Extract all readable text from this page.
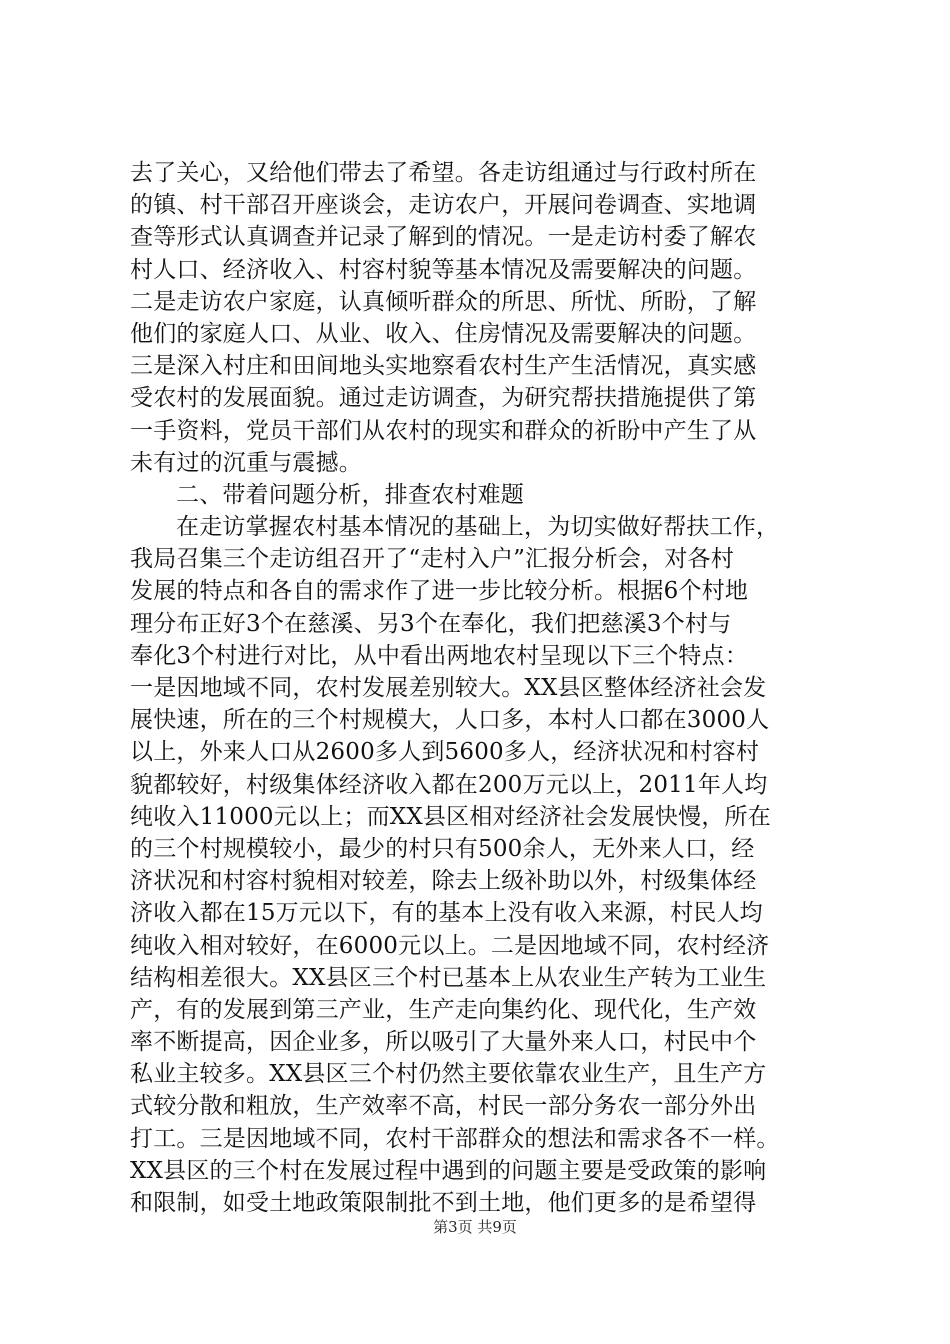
去了关心，又给他们带去了希望。各走访组通过与行政村所在
的镇、村干部召开座谈会，走访农户，开展问卷调查、实地调
查等形式认真调查并记录了解到的情况。一是走访村委了解农
村人口、经济收入、村容村貌等基本情况及需要解决的问题。
二是走访农户家庭，认真倾听群众的所思、所忧、所盼，了解
他们的家庭人口、从业、收入、住房情况及需要解决的问题。
三是深入村庄和田间地头实地察看农村生产生活情况，真实感
受农村的发展面貌。通过走访调查，为研究帮扶措施提供了第
一手资料，党员干部们从农村的现实和群众的祈盼中产生了从
未有过的沉重与震撼。
二、带着问题分析，排查农村难题
在走访掌握农村基本情况的基础上，为切实做好帮扶工作，
我局召集三个走访组召开了“走村入户”汇报分析会，对各村
发展的特点和各自的需求作了进一步比较分析。根据6个村地
理分布正好3个在慈溪、另3个在奉化，我们把慈溪3个村与
奉化3个村进行对比，从中看出两地农村呈现以下三个特点：
一是因地域不同，农村发展差别较大。XX县区整体经济社会发
展快速，所在的三个村规模大，人口多，本村人口都在3000人
以上，外来人口从2600多人到5600多人，经济状况和村容村
貌都较好，村级集体经济收入都在200万元以上，2011年人均
纯收入11000元以上；而XX县区相对经济社会发展快慢，所在
的三个村规模较小，最少的村只有500余人，无外来人口，经
济状况和村容村貌相对较差，除去上级补助以外，村级集体经
济收入都在15万元以下，有的基本上没有收入来源，村民人均
纯收入相对较好，在6000元以上。二是因地域不同，农村经济
结构相差很大。XX县区三个村已基本上从农业生产转为工业生
产，有的发展到第三产业，生产走向集约化、现代化，生产效
率不断提高，因企业多，所以吸引了大量外来人口，村民中个
私业主较多。XX县区三个村仍然主要依靠农业生产，且生产方
式较分散和粗放，生产效率不高，村民一部分务农一部分外出
打工。三是因地域不同，农村干部群众的想法和需求各不一样。
XX县区的三个村在发展过程中遇到的问题主要是受政策的影响
和限制，如受土地政策限制批不到土地，他们更多的是希望得
第3页 共9页
